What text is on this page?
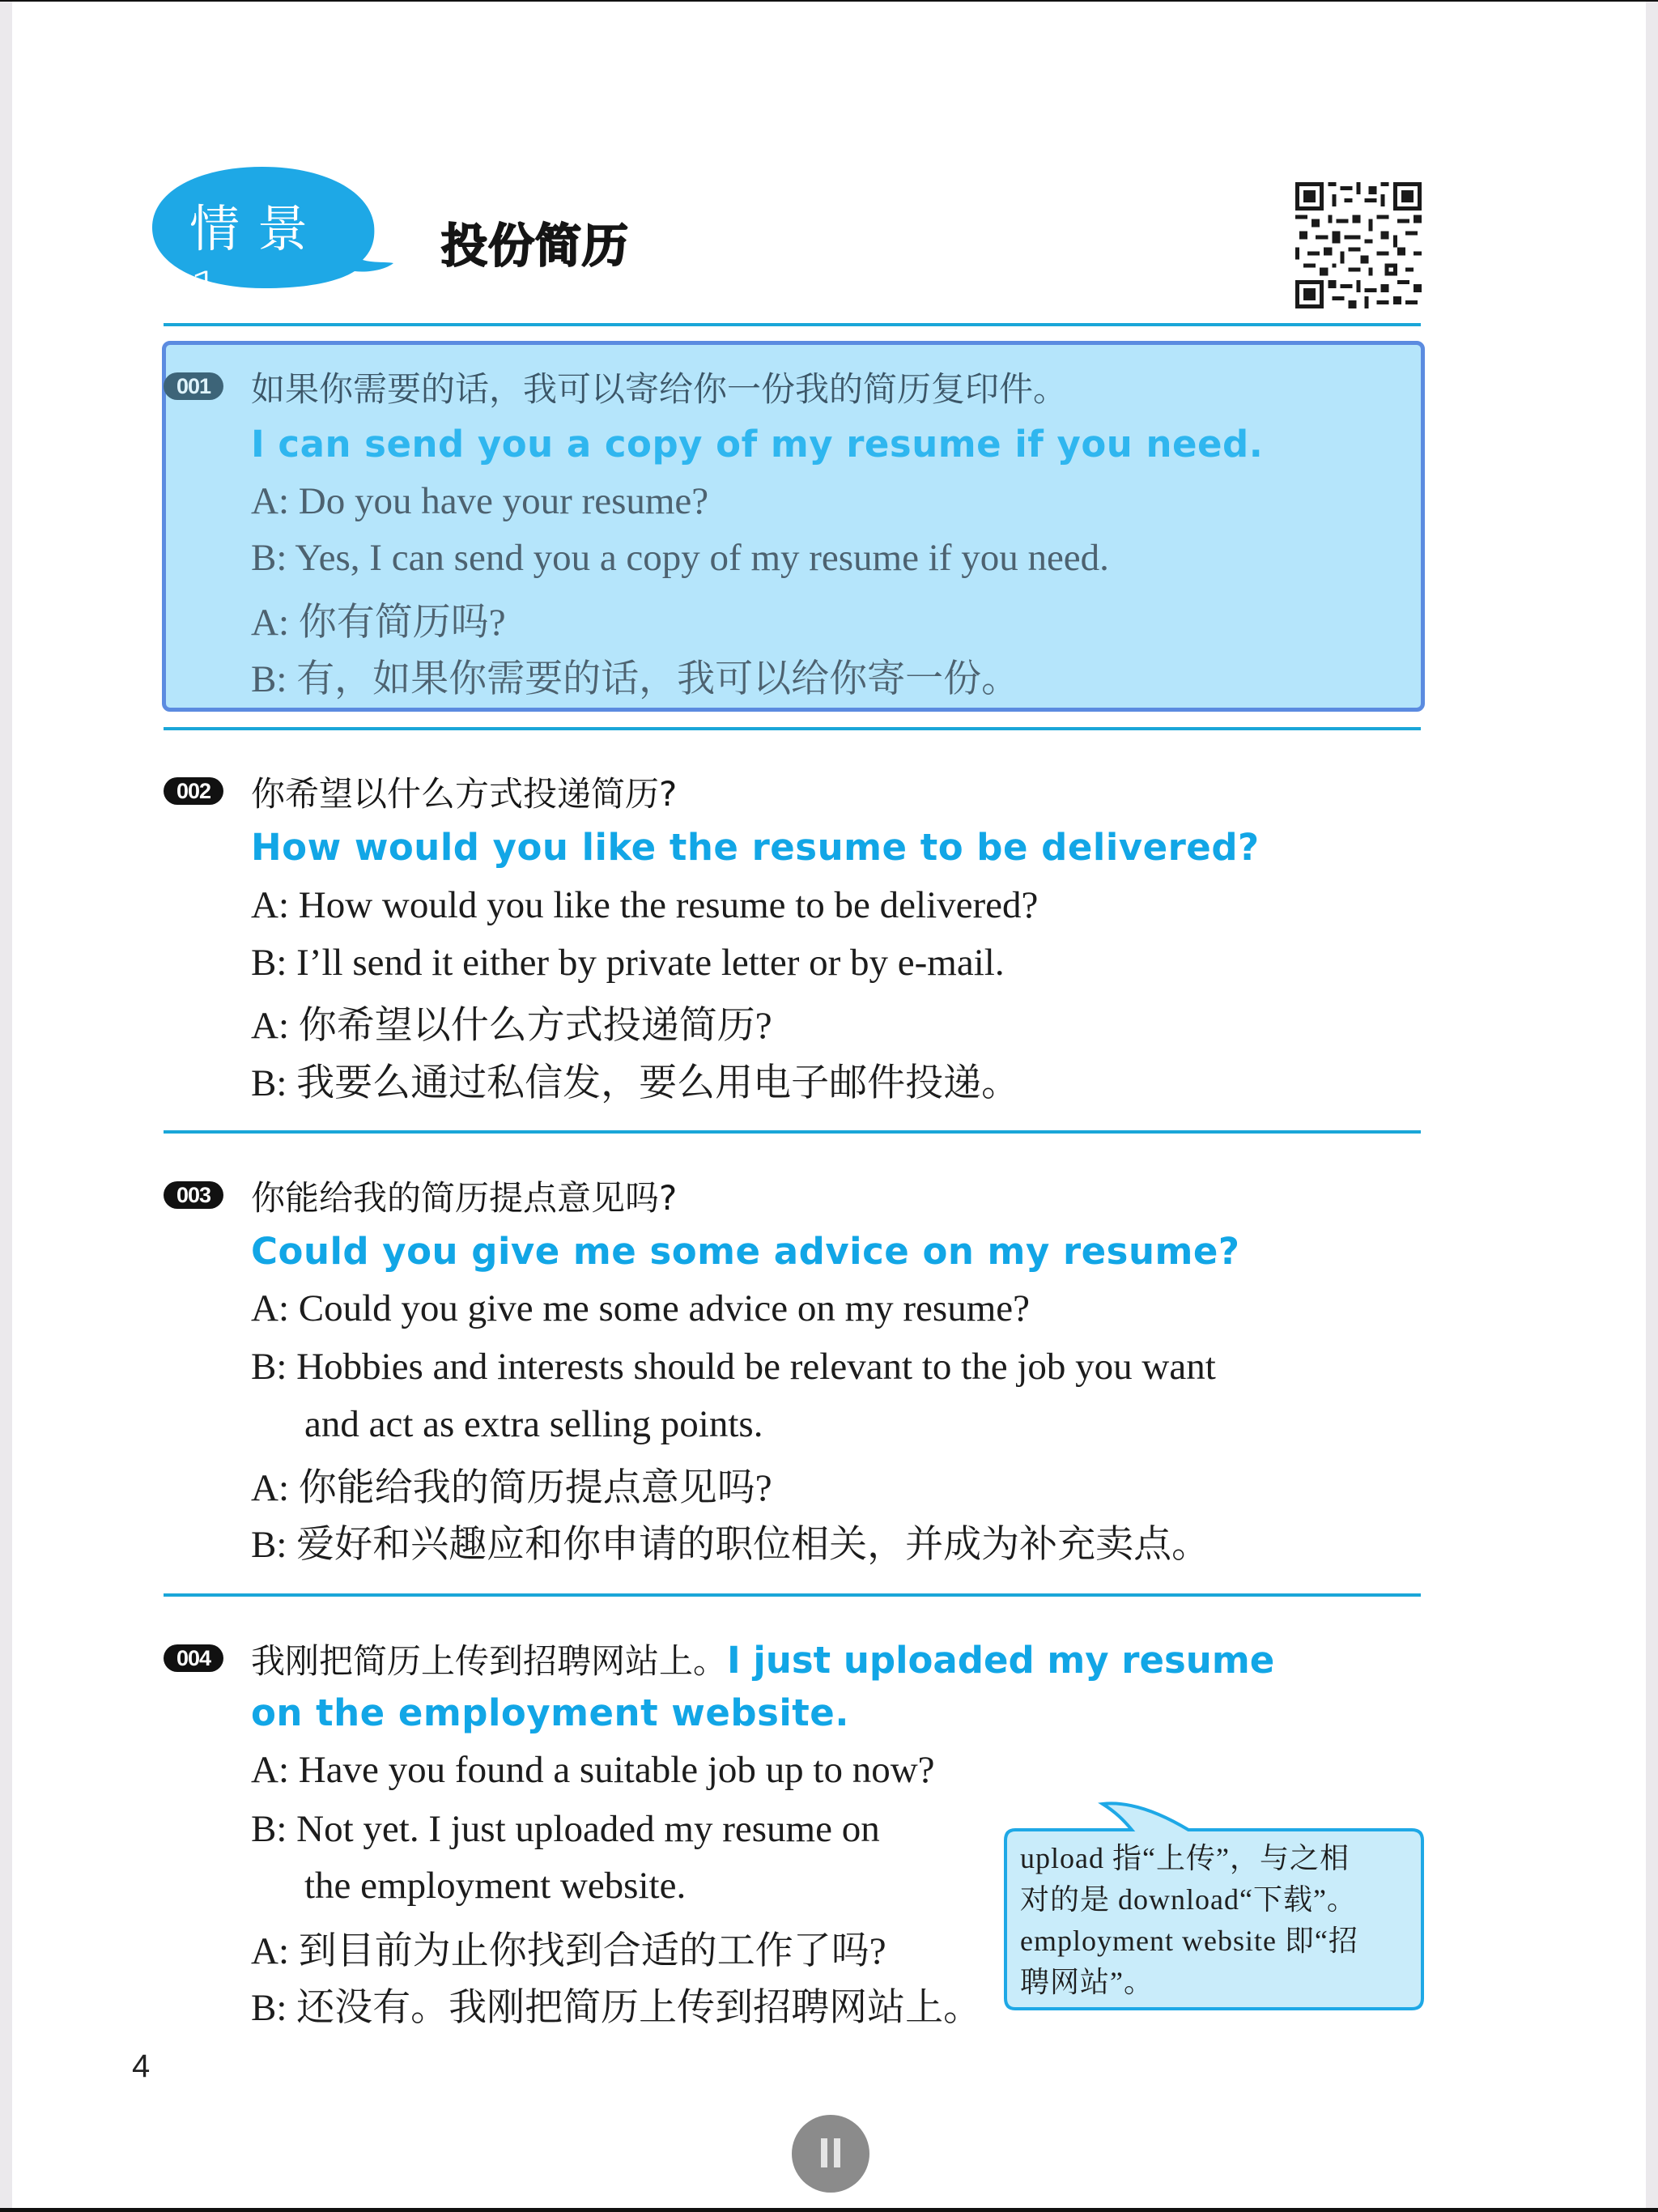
情景 1
投份简历
001	如果你需要的话，我可以寄给你一份我的简历复印件。
I can send you a copy of my resume if you need.
A: Do you have your resume?
B: Yes, I can send you a copy of my resume if you need.
A: 你有简历吗?
B: 有，如果你需要的话，我可以给你寄一份。
002	你希望以什么方式投递简历?
How would you like the resume to be delivered?
A: How would you like the resume to be delivered?
B: I’ll send it either by private letter or by e-mail.
A: 你希望以什么方式投递简历?
B: 我要么通过私信发，要么用电子邮件投递。
003	你能给我的简历提点意见吗?
Could you give me some advice on my resume?
A: Could you give me some advice on my resume?
B: Hobbies and interests should be relevant to the job you want
and act as extra selling points.
A: 你能给我的简历提点意见吗?
B: 爱好和兴趣应和你申请的职位相关，并成为补充卖点。
004	我刚把简历上传到招聘网站上。I just uploaded my resume
on the employment website.
A: Have you found a suitable job up to now?
B: Not yet. I just uploaded my resume on
the employment website.
A: 到目前为止你找到合适的工作了吗?
B: 还没有。我刚把简历上传到招聘网站上。
upload 指“上传”，与之相
对的是 download“下载”。
employment website 即“招
聘网站”。
4
